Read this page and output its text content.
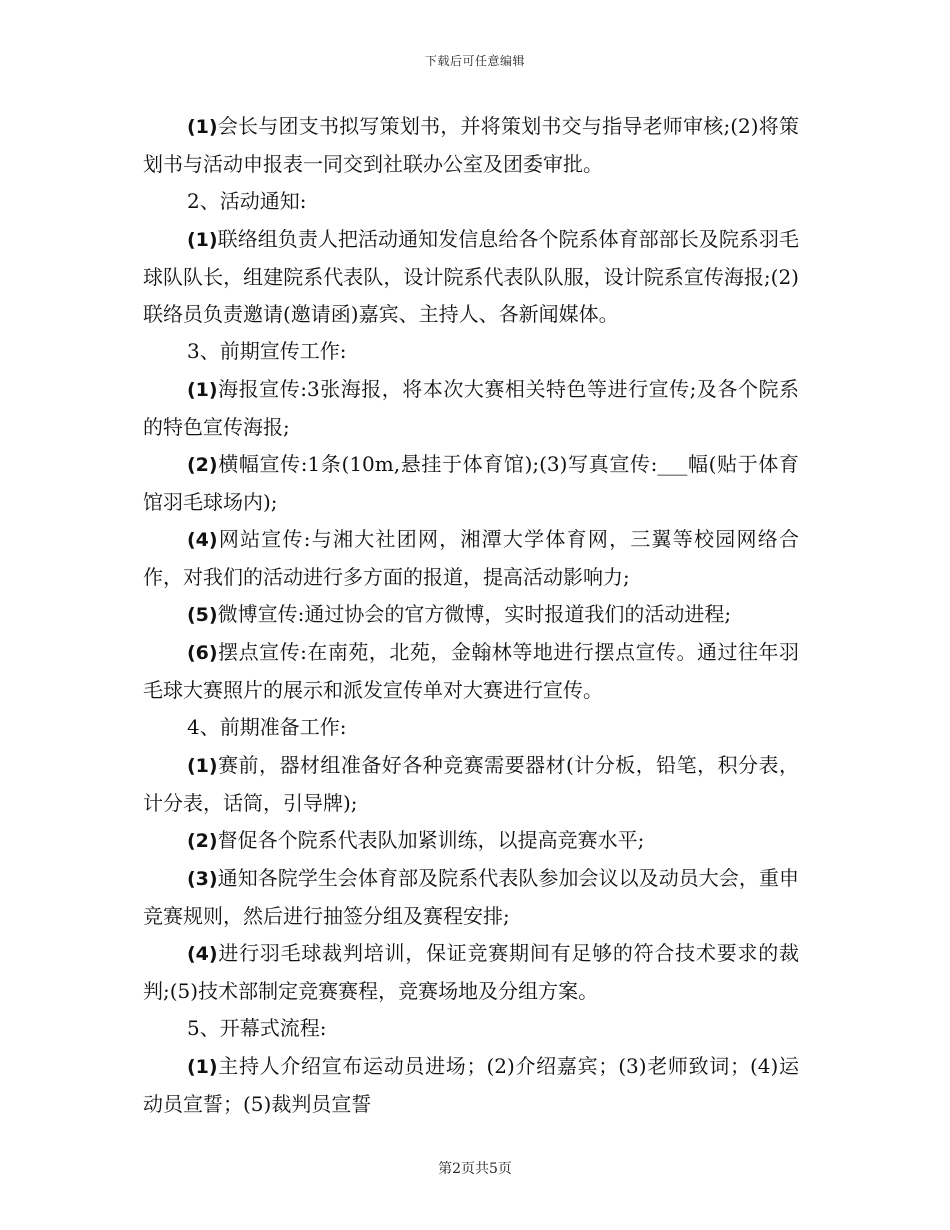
下载后可任意编辑

(1)会长与团支书拟写策划书，并将策划书交与指导老师审核;(2)将策划书与活动申报表一同交到社联办公室及团委审批。

2、活动通知:

(1)联络组负责人把活动通知发信息给各个院系体育部部长及院系羽毛球队队长，组建院系代表队，设计院系代表队队服，设计院系宣传海报;(2)联络员负责邀请(邀请函)嘉宾、主持人、各新闻媒体。

3、前期宣传工作:

(1)海报宣传:3张海报，将本次大赛相关特色等进行宣传;及各个院系的特色宣传海报;

(2)横幅宣传:1条(10m,悬挂于体育馆);(3)写真宣传:___幅(贴于体育馆羽毛球场内);

(4)网站宣传:与湘大社团网，湘潭大学体育网，三翼等校园网络合作，对我们的活动进行多方面的报道，提高活动影响力;

(5)微博宣传:通过协会的官方微博，实时报道我们的活动进程;

(6)摆点宣传:在南苑，北苑，金翰林等地进行摆点宣传。通过往年羽毛球大赛照片的展示和派发宣传单对大赛进行宣传。

4、前期准备工作:

(1)赛前，器材组准备好各种竞赛需要器材(计分板，铅笔，积分表，计分表，话筒，引导牌);

(2)督促各个院系代表队加紧训练，以提高竞赛水平;

(3)通知各院学生会体育部及院系代表队参加会议以及动员大会，重申竞赛规则，然后进行抽签分组及赛程安排;

(4)进行羽毛球裁判培训，保证竞赛期间有足够的符合技术要求的裁判;(5)技术部制定竞赛赛程，竞赛场地及分组方案。

5、开幕式流程:

(1)主持人介绍宣布运动员进场；(2)介绍嘉宾；(3)老师致词；(4)运动员宣誓；(5)裁判员宣誓

第2页共5页
